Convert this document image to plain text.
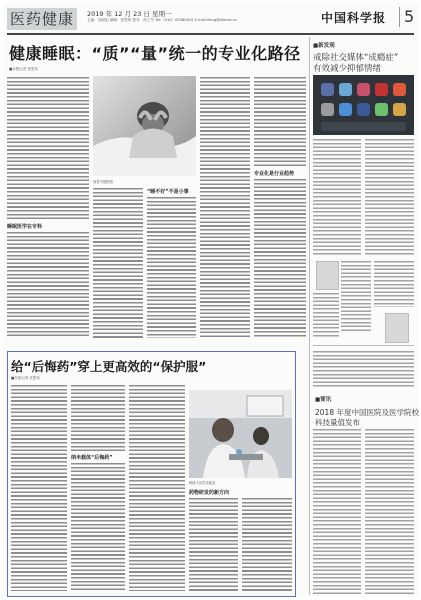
医药健康	2019 年 12 月 23 日 星期一
主编：冯丽妃 编辑：张思玮 校对：何工劳 Tel:（010）62580615 E-mail:lfeng@stimes.cn	中国科学报	5
健康睡眠：“质”“量”统一的专业化路径
■本报记者 张思玮
睡眠医学在专科
视觉中国供图
“睡不好”不是小事
专业化是行业趋势
■新发现
戒除社交媒体“成瘾症”
有效减少抑郁情绪
■简讯
2018 年度中国医院及医学院校
科技量值发布
给“后悔药”穿上更高效的“保护服”
■本报记者 张思玮
纳米载体“后悔药”
科研人员在实验室
药物研发的新方向
